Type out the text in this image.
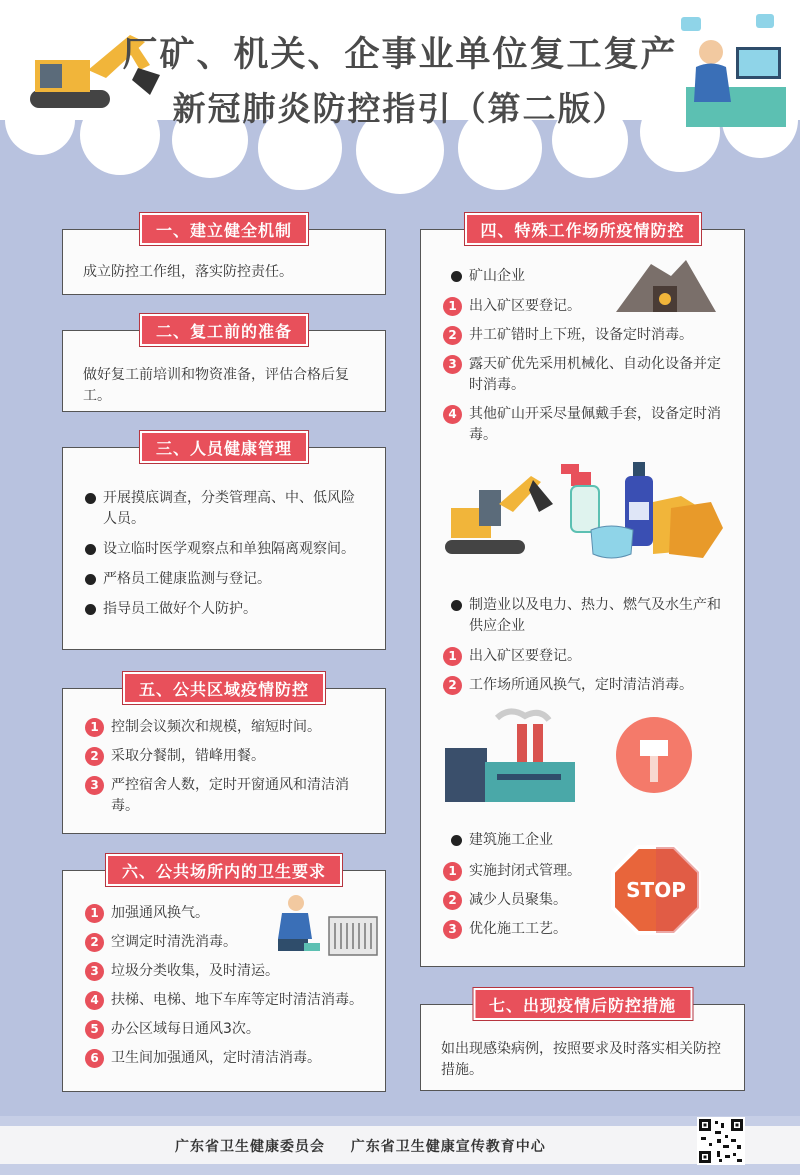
厂矿、机关、企事业单位复工复产
新冠肺炎防控指引（第二版）
一、建立健全机制

成立防控工作组，落实防控责任。

二、复工前的准备

做好复工前培训和物资准备，评估合格后复工。

三、人员健康管理
开展摸底调查，分类管理高、中、低风险人员。
设立临时医学观察点和单独隔离观察间。
严格员工健康监测与登记。
指导员工做好个人防护。
五、公共区域疫情防控
1 控制会议频次和规模，缩短时间。
2 采取分餐制，错峰用餐。
3 严控宿舍人数，定时开窗通风和清洁消毒。
六、公共场所内的卫生要求
1 加强通风换气。
2 空调定时清洗消毒。
3 垃圾分类收集，及时清运。
4 扶梯、电梯、地下车库等定时清洁消毒。
5 办公区域每日通风3次。
6 卫生间加强通风，定时清洁消毒。
四、特殊工作场所疫情防控
矿山企业
1 出入矿区要登记。
2 井工矿错时上下班，设备定时消毒。
3 露天矿优先采用机械化、自动化设备并定时消毒。
4 其他矿山开采尽量佩戴手套，设备定时消毒。
制造业以及电力、热力、燃气及水生产和供应企业
1 出入矿区要登记。
2 工作场所通风换气，定时清洁消毒。
建筑施工企业
1 实施封闭式管理。
2 减少人员聚集。
3 优化施工工艺。
STOP
七、出现疫情后防控措施

如出现感染病例，按照要求及时落实相关防控措施。

广东省卫生健康委员会 广东省卫生健康宣传教育中心
